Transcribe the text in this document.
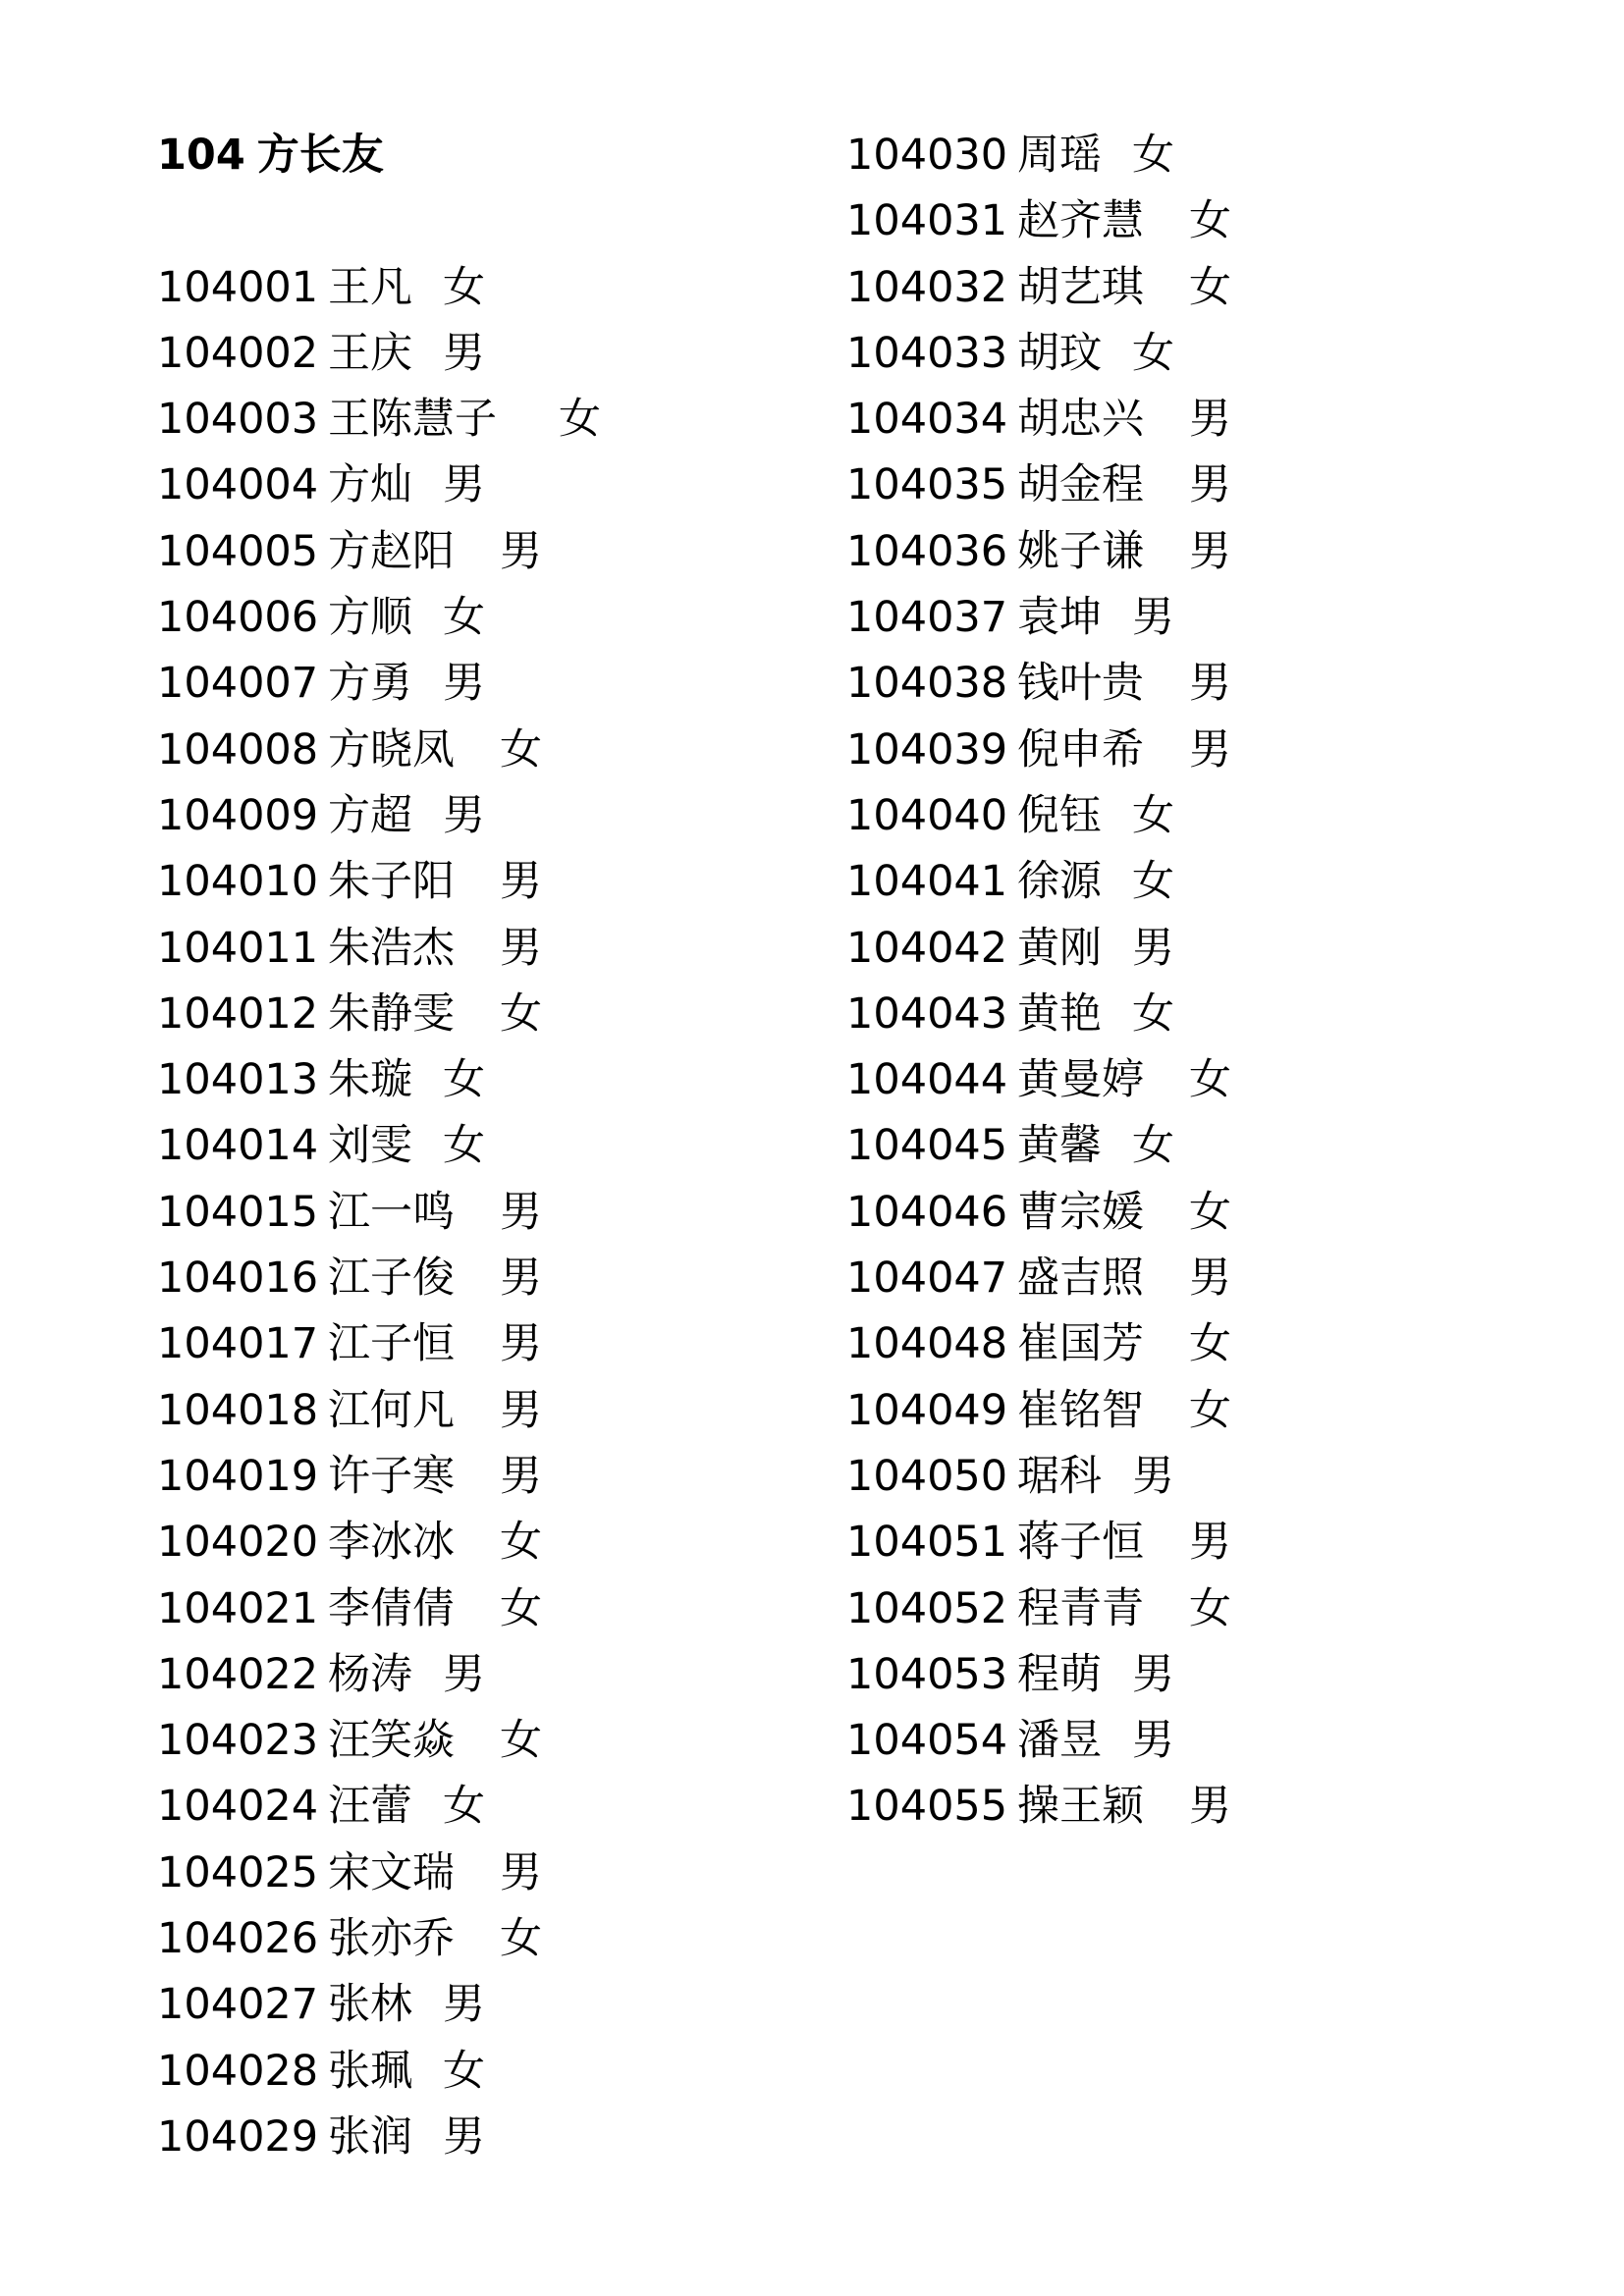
104 方长友
104001 王凡 女
104002 王庆 男
104003 王陈慧子	女
104004 方灿 男
104005 方赵阳	男
104006 方顺 女
104007 方勇 男
104008 方晓凤	女
104009 方超 男
104010 朱子阳	男
104011 朱浩杰	男
104012 朱静雯	女
104013 朱璇 女
104014 刘雯 女
104015 江一鸣	男
104016 江子俊	男
104017 江子恒	男
104018 江何凡	男
104019 许子寒	男
104020 李冰冰	女
104021 李倩倩	女
104022 杨涛 男
104023 汪笑焱	女
104024 汪蕾 女
104025 宋文瑞	男
104026 张亦乔	女
104027 张林 男
104028 张珮 女
104029 张润 男
104030 周瑶 女
104031 赵齐慧	女
104032 胡艺琪	女
104033 胡玟 女
104034 胡忠兴	男
104035 胡金程	男
104036 姚子谦	男
104037 袁坤 男
104038 钱叶贵	男
104039 倪申希	男
104040 倪钰 女
104041 徐源 女
104042 黄刚 男
104043 黄艳 女
104044 黄曼婷	女
104045 黄馨 女
104046 曹宗媛	女
104047 盛吉照	男
104048 崔国芳	女
104049 崔铭智	女
104050 琚科 男
104051 蒋子恒	男
104052 程青青	女
104053 程萌 男
104054 潘昱 男
104055 操王颖	男
